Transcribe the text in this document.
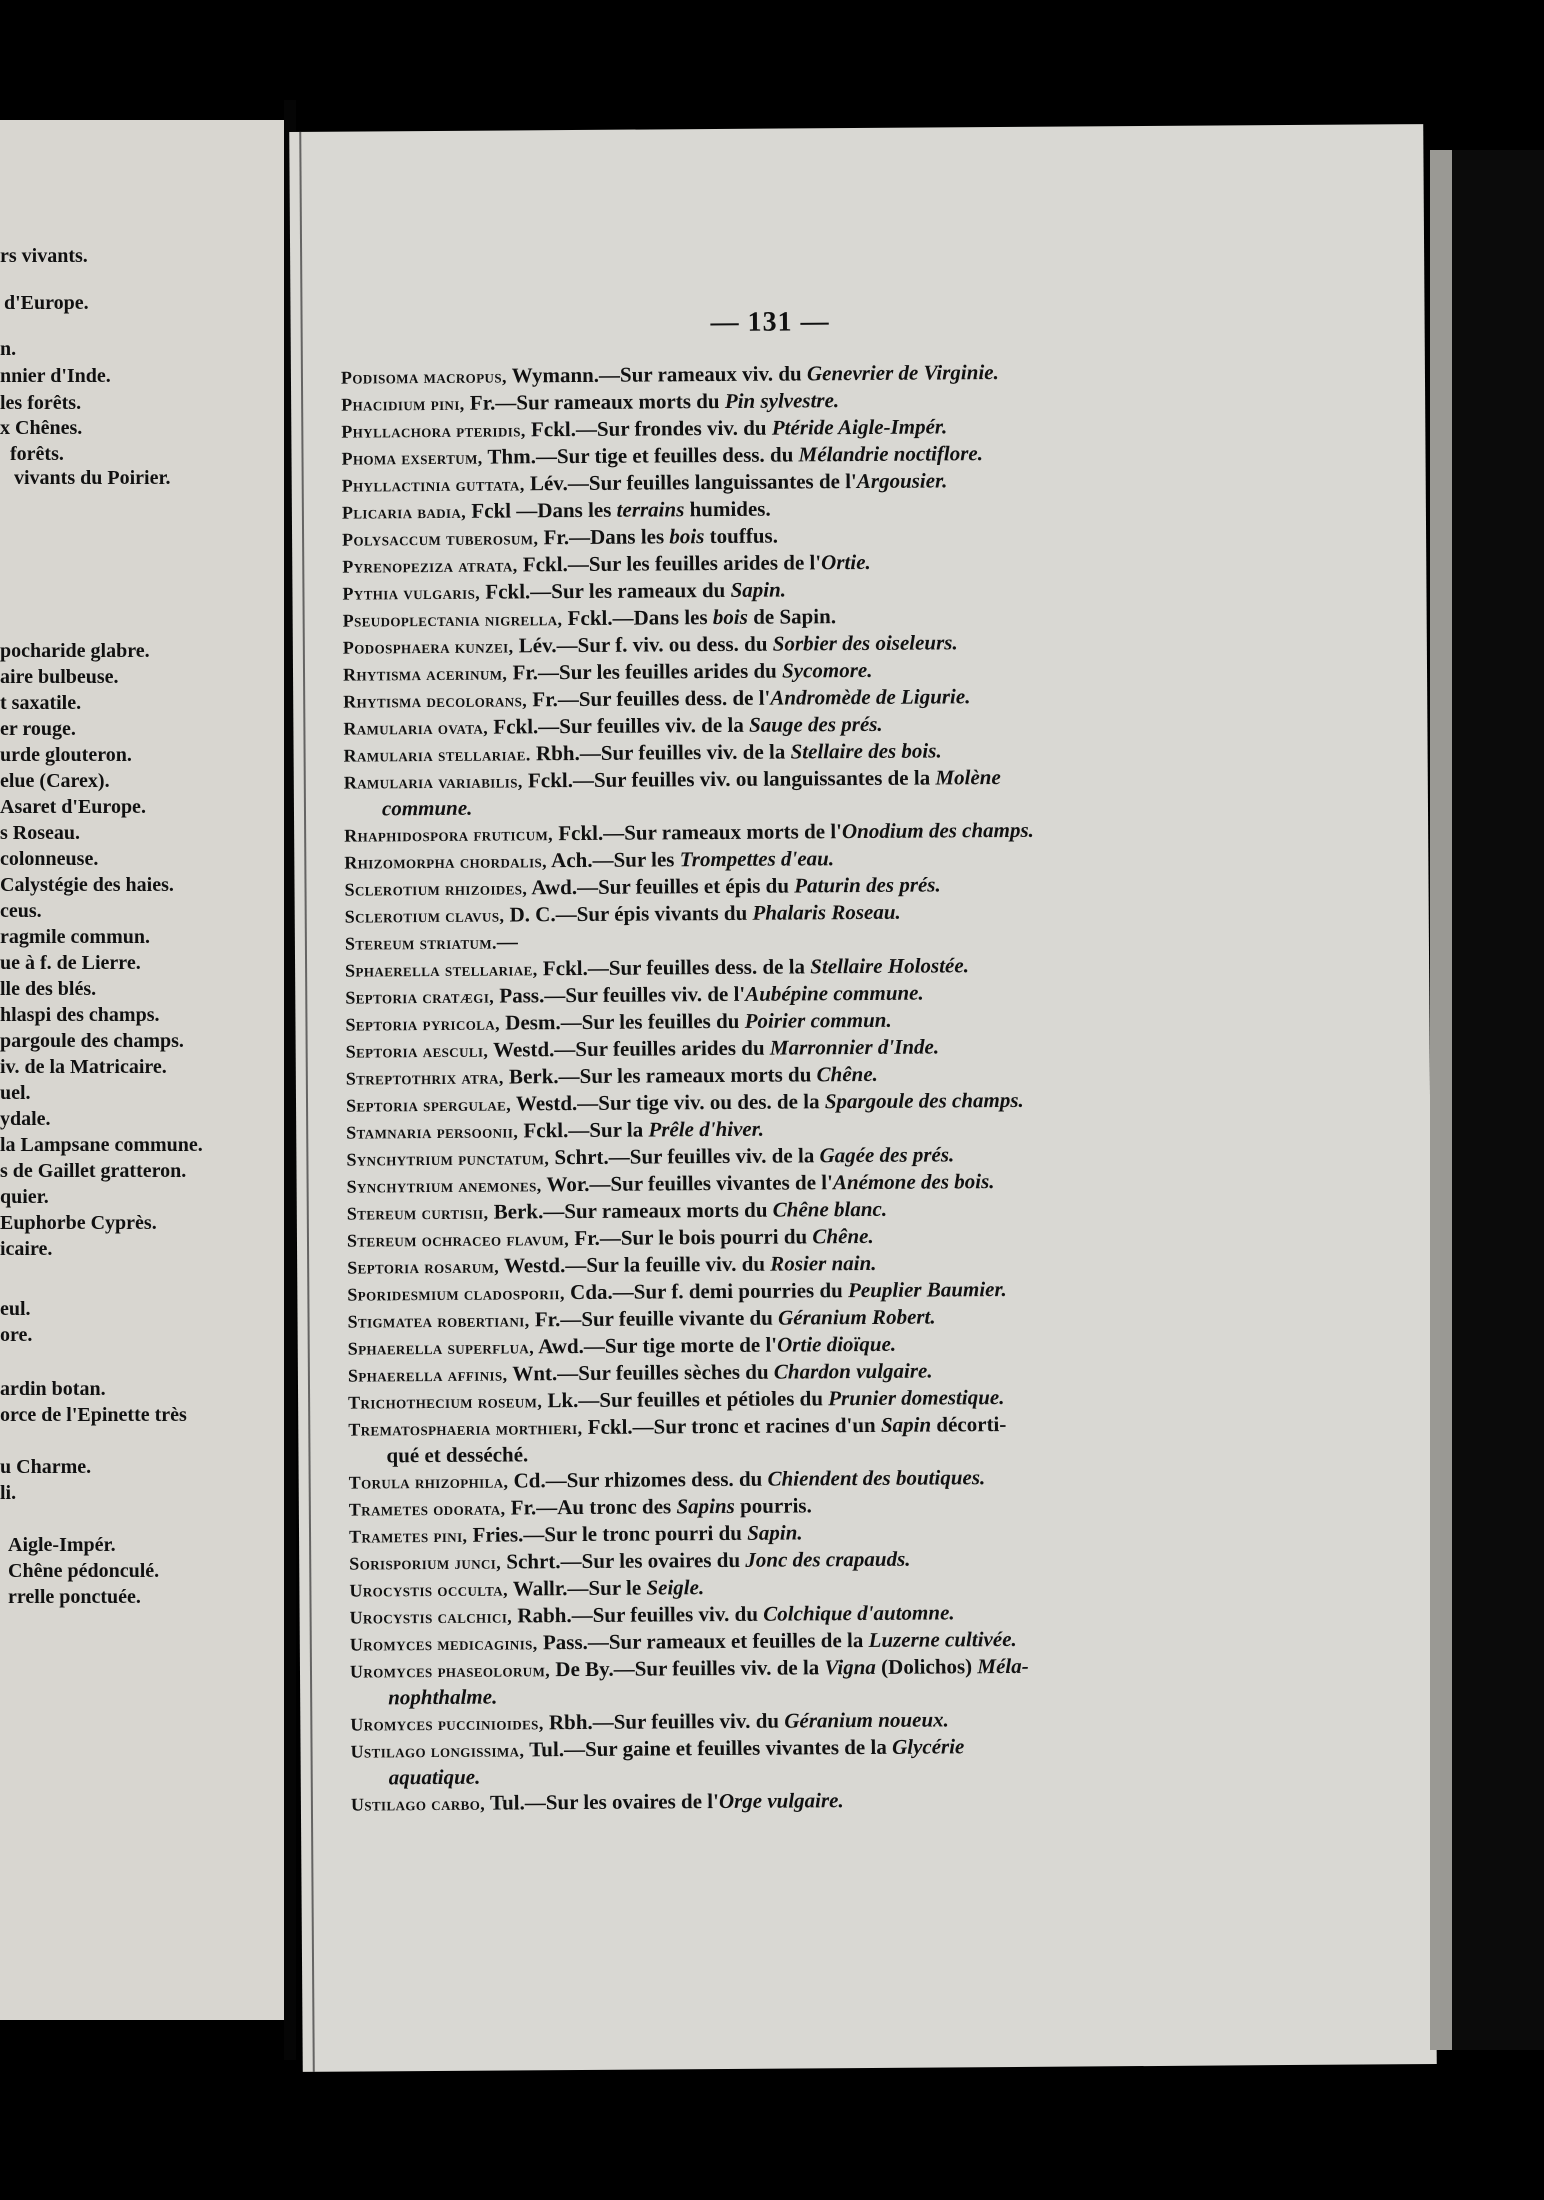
rs vivants.
d'Europe.
n.
nnier d'Inde.
les forêts.
x Chênes.
forêts.
vivants du Poirier.
pocharide glabre.
aire bulbeuse.
t saxatile.
er rouge.
urde glouteron.
elue (Carex).
Asaret d'Europe.
s Roseau.
colonneuse.
Calystégie des haies.
ceus.
ragmile commun.
ue à f. de Lierre.
lle des blés.
hlaspi des champs.
pargoule des champs.
iv. de la Matricaire.
uel.
ydale.
la Lampsane commune.
s de Gaillet gratteron.
quier.
Euphorbe Cyprès.
icaire.
eul.
ore.
ardin botan.
orce de l'Epinette très
u Charme.
li.
Aigle-Impér.
Chêne pédonculé.
rrelle ponctuée.
— 131 —
Podisoma macropus, Wymann.—Sur rameaux viv. du Genevrier de Virginie.
Phacidium pini, Fr.—Sur rameaux morts du Pin sylvestre.
Phyllachora pteridis, Fckl.—Sur frondes viv. du Ptéride Aigle-Impér.
Phoma exsertum, Thm.—Sur tige et feuilles dess. du Mélandrie noctiflore.
Phyllactinia guttata, Lév.—Sur feuilles languissantes de l'Argousier.
Plicaria badia, Fckl —Dans les terrains humides.
Polysaccum tuberosum, Fr.—Dans les bois touffus.
Pyrenopeziza atrata, Fckl.—Sur les feuilles arides de l'Ortie.
Pythia vulgaris, Fckl.—Sur les rameaux du Sapin.
Pseudoplectania nigrella, Fckl.—Dans les bois de Sapin.
Podosphaera kunzei, Lév.—Sur f. viv. ou dess. du Sorbier des oiseleurs.
Rhytisma acerinum, Fr.—Sur les feuilles arides du Sycomore.
Rhytisma decolorans, Fr.—Sur feuilles dess. de l'Andromède de Ligurie.
Ramularia ovata, Fckl.—Sur feuilles viv. de la Sauge des prés.
Ramularia stellariae. Rbh.—Sur feuilles viv. de la Stellaire des bois.
Ramularia variabilis, Fckl.—Sur feuilles viv. ou languissantes de la Molène
commune.
Rhaphidospora fruticum, Fckl.—Sur rameaux morts de l'Onodium des champs.
Rhizomorpha chordalis, Ach.—Sur les Trompettes d'eau.
Sclerotium rhizoides, Awd.—Sur feuilles et épis du Paturin des prés.
Sclerotium clavus, D. C.—Sur épis vivants du Phalaris Roseau.
Stereum striatum.—
Sphaerella stellariae, Fckl.—Sur feuilles dess. de la Stellaire Holostée.
Septoria cratægi, Pass.—Sur feuilles viv. de l'Aubépine commune.
Septoria pyricola, Desm.—Sur les feuilles du Poirier commun.
Septoria aesculi, Westd.—Sur feuilles arides du Marronnier d'Inde.
Streptothrix atra, Berk.—Sur les rameaux morts du Chêne.
Septoria spergulae, Westd.—Sur tige viv. ou des. de la Spargoule des champs.
Stamnaria persoonii, Fckl.—Sur la Prêle d'hiver.
Synchytrium punctatum, Schrt.—Sur feuilles viv. de la Gagée des prés.
Synchytrium anemones, Wor.—Sur feuilles vivantes de l'Anémone des bois.
Stereum curtisii, Berk.—Sur rameaux morts du Chêne blanc.
Stereum ochraceo flavum, Fr.—Sur le bois pourri du Chêne.
Septoria rosarum, Westd.—Sur la feuille viv. du Rosier nain.
Sporidesmium cladosporii, Cda.—Sur f. demi pourries du Peuplier Baumier.
Stigmatea robertiani, Fr.—Sur feuille vivante du Géranium Robert.
Sphaerella superflua, Awd.—Sur tige morte de l'Ortie dioïque.
Sphaerella affinis, Wnt.—Sur feuilles sèches du Chardon vulgaire.
Trichothecium roseum, Lk.—Sur feuilles et pétioles du Prunier domestique.
Trematosphaeria morthieri, Fckl.—Sur tronc et racines d'un Sapin décorti-
qué et desséché.
Torula rhizophila, Cd.—Sur rhizomes dess. du Chiendent des boutiques.
Trametes odorata, Fr.—Au tronc des Sapins pourris.
Trametes pini, Fries.—Sur le tronc pourri du Sapin.
Sorisporium junci, Schrt.—Sur les ovaires du Jonc des crapauds.
Urocystis occulta, Wallr.—Sur le Seigle.
Urocystis calchici, Rabh.—Sur feuilles viv. du Colchique d'automne.
Uromyces medicaginis, Pass.—Sur rameaux et feuilles de la Luzerne cultivée.
Uromyces phaseolorum, De By.—Sur feuilles viv. de la Vigna (Dolichos) Méla-
nophthalme.
Uromyces puccinioides, Rbh.—Sur feuilles viv. du Géranium noueux.
Ustilago longissima, Tul.—Sur gaine et feuilles vivantes de la Glycérie
aquatique.
Ustilago carbo, Tul.—Sur les ovaires de l'Orge vulgaire.
